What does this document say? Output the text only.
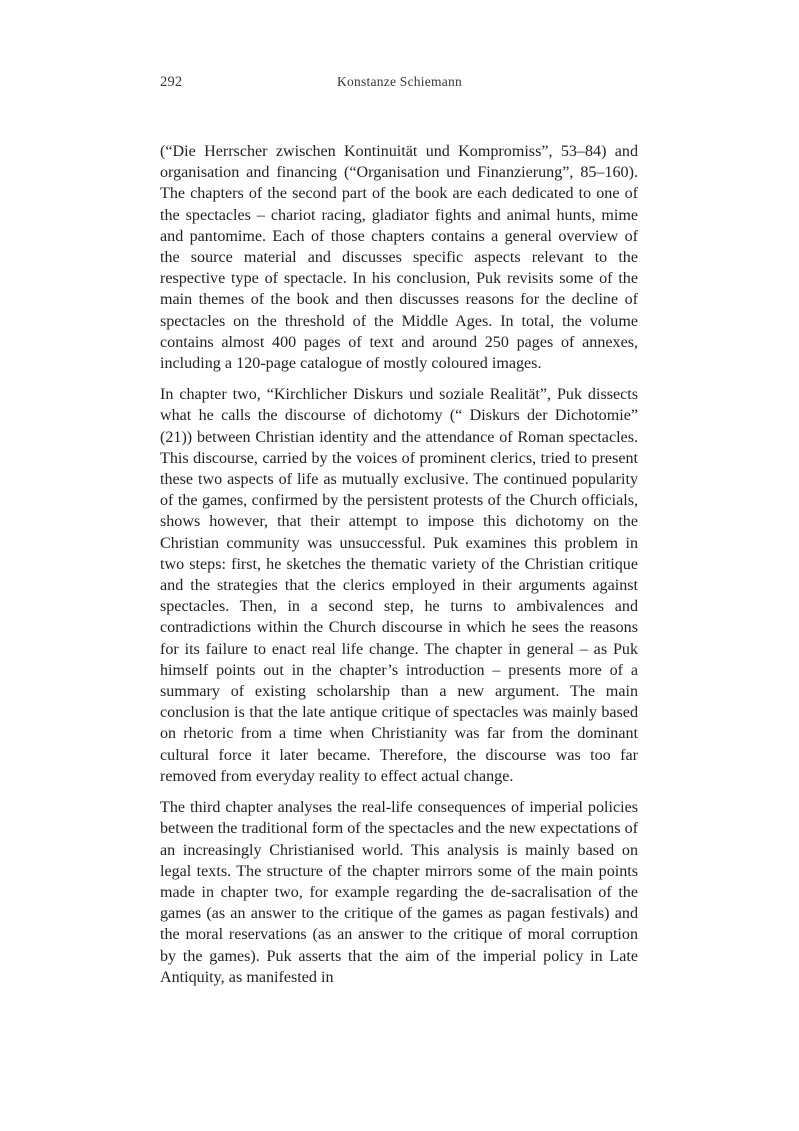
292	Konstanze Schiemann

(“Die Herrscher zwischen Kontinuität und Kompromiss”, 53–84) and organisation and financing (“Organisation und Finanzierung”, 85–160). The chapters of the second part of the book are each dedicated to one of the spectacles – chariot racing, gladiator fights and animal hunts, mime and pantomime. Each of those chapters contains a general overview of the source material and discusses specific aspects relevant to the respective type of spectacle. In his conclusion, Puk revisits some of the main themes of the book and then discusses reasons for the decline of spectacles on the threshold of the Middle Ages. In total, the volume contains almost 400 pages of text and around 250 pages of annexes, including a 120-page catalogue of mostly coloured images.

In chapter two, “Kirchlicher Diskurs und soziale Realität”, Puk dissects what he calls the discourse of dichotomy (“ Diskurs der Dichotomie” (21)) between Christian identity and the attendance of Roman spectacles. This discourse, carried by the voices of prominent clerics, tried to present these two aspects of life as mutually exclusive. The continued popularity of the games, confirmed by the persistent protests of the Church officials, shows however, that their attempt to impose this dichotomy on the Christian community was unsuccessful. Puk examines this problem in two steps: first, he sketches the thematic variety of the Christian critique and the strategies that the clerics employed in their arguments against spectacles. Then, in a second step, he turns to ambivalences and contradictions within the Church discourse in which he sees the reasons for its failure to enact real life change. The chapter in general – as Puk himself points out in the chapter’s introduction – presents more of a summary of existing scholarship than a new argument. The main conclusion is that the late antique critique of spectacles was mainly based on rhetoric from a time when Christianity was far from the dominant cultural force it later became. Therefore, the discourse was too far removed from everyday reality to effect actual change.

The third chapter analyses the real-life consequences of imperial policies between the traditional form of the spectacles and the new expectations of an increasingly Christianised world. This analysis is mainly based on legal texts. The structure of the chapter mirrors some of the main points made in chapter two, for example regarding the de-sacralisation of the games (as an answer to the critique of the games as pagan festivals) and the moral reservations (as an answer to the critique of moral corruption by the games). Puk asserts that the aim of the imperial policy in Late Antiquity, as manifested in
